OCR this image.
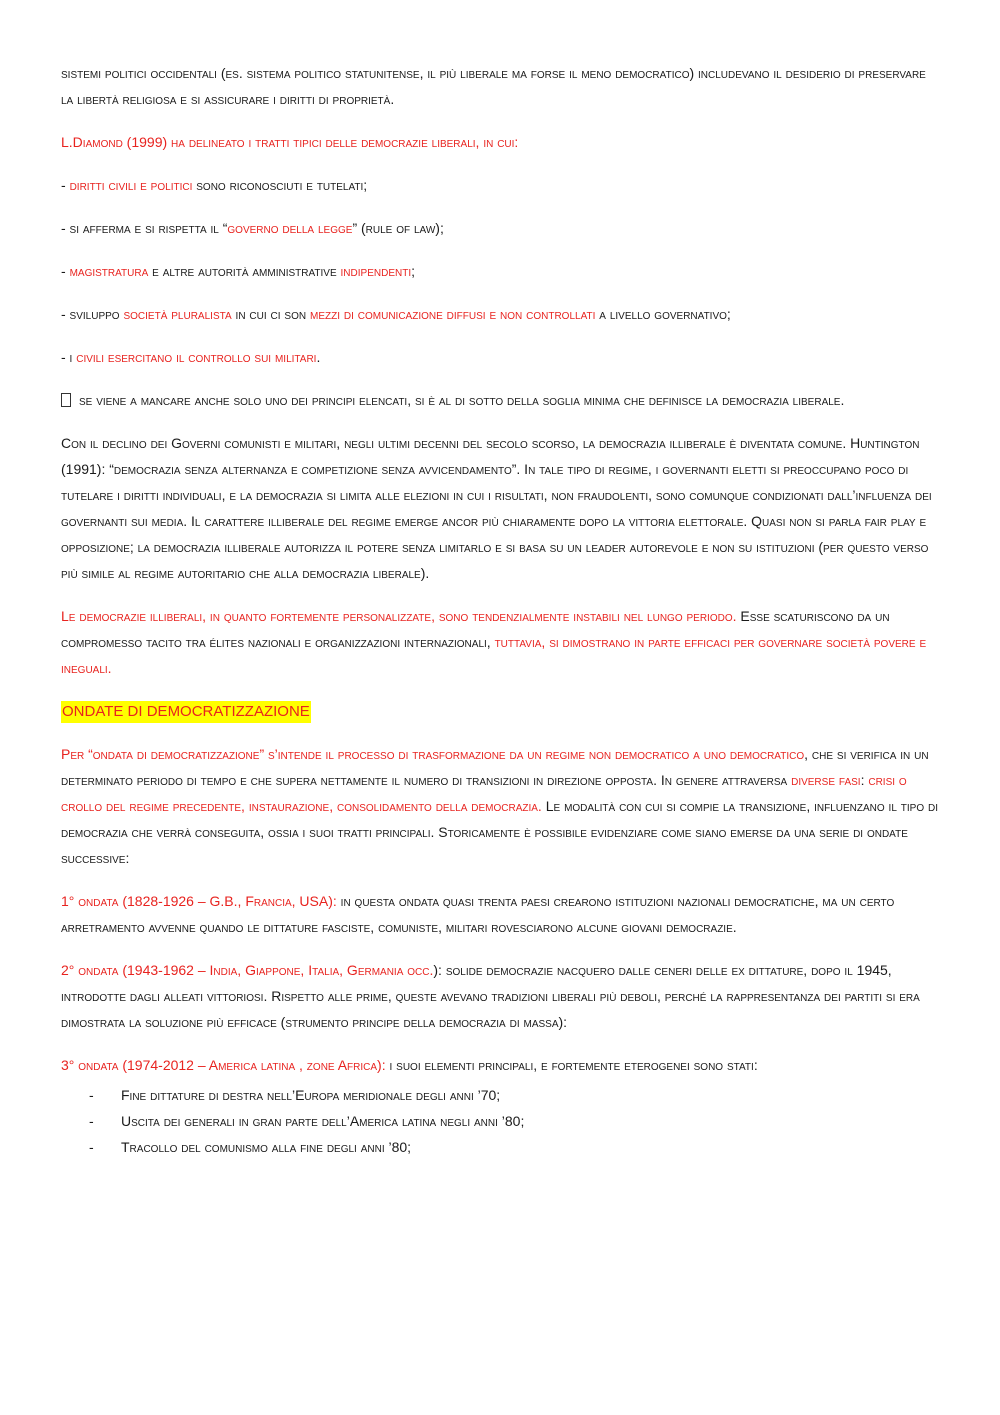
sistemi politici occidentali (es. sistema politico statunitense, il più liberale ma forse il meno democratico) includevano il desiderio di preservare la libertà religiosa e si assicurare i diritti di proprietà.

L.Diamond (1999) ha delineato i tratti tipici delle democrazie liberali, in cui:

- diritti civili e politici sono riconosciuti e tutelati;

- si afferma e si rispetta il “governo della legge” (rule of law);

- magistratura e altre autorità amministrative indipendenti;

- sviluppo società pluralista in cui ci son mezzi di comunicazione diffusi e non controllati a livello governativo;

- i civili esercitano il controllo sui militari.

se viene a mancare anche solo uno dei principi elencati, si è al di sotto della soglia minima che definisce la democrazia liberale.

Con il declino dei Governi comunisti e militari, negli ultimi decenni del secolo scorso, la democrazia illiberale è diventata comune. Huntington (1991): “democrazia senza alternanza e competizione senza avvicendamento”. In tale tipo di regime, i governanti eletti si preoccupano poco di tutelare i diritti individuali, e la democrazia si limita alle elezioni in cui i risultati, non fraudolenti, sono comunque condizionati dall’influenza dei governanti sui media. Il carattere illiberale del regime emerge ancor più chiaramente dopo la vittoria elettorale. Quasi non si parla fair play e opposizione; la democrazia illiberale autorizza il potere senza limitarlo e si basa su un leader autorevole e non su istituzioni (per questo verso più simile al regime autoritario che alla democrazia liberale).

Le democrazie illiberali, in quanto fortemente personalizzate, sono tendenzialmente instabili nel lungo periodo. Esse scaturiscono da un compromesso tacito tra élites nazionali e organizzazioni internazionali, tuttavia, si dimostrano in parte efficaci per governare società povere e ineguali.

ONDATE DI DEMOCRATIZZAZIONE

Per “ondata di democratizzazione” s’intende il processo di trasformazione da un regime non democratico a uno democratico, che si verifica in un determinato periodo di tempo e che supera nettamente il numero di transizioni in direzione opposta. In genere attraversa diverse fasi: crisi o crollo del regime precedente, instaurazione, consolidamento della democrazia. Le modalità con cui si compie la transizione, influenzano il tipo di democrazia che verrà conseguita, ossia i suoi tratti principali. Storicamente è possibile evidenziare come siano emerse da una serie di ondate successive:

1° ondata (1828-1926 – G.B., Francia, USA): in questa ondata quasi trenta paesi crearono istituzioni nazionali democratiche, ma un certo arretramento avvenne quando le dittature fasciste, comuniste, militari rovesciarono alcune giovani democrazie.

2° ondata (1943-1962 – India, Giappone, Italia, Germania occ.): solide democrazie nacquero dalle ceneri delle ex dittature, dopo il 1945, introdotte dagli alleati vittoriosi. Rispetto alle prime, queste avevano tradizioni liberali più deboli, perché la rappresentanza dei partiti si era dimostrata la soluzione più efficace (strumento principe della democrazia di massa):

3° ondata (1974-2012 – America latina , zone Africa): i suoi elementi principali, e fortemente eterogenei sono stati:

- Fine dittature di destra nell’Europa meridionale degli anni ’70;
- Uscita dei generali in gran parte dell’America latina negli anni ’80;
- Tracollo del comunismo alla fine degli anni ’80;
